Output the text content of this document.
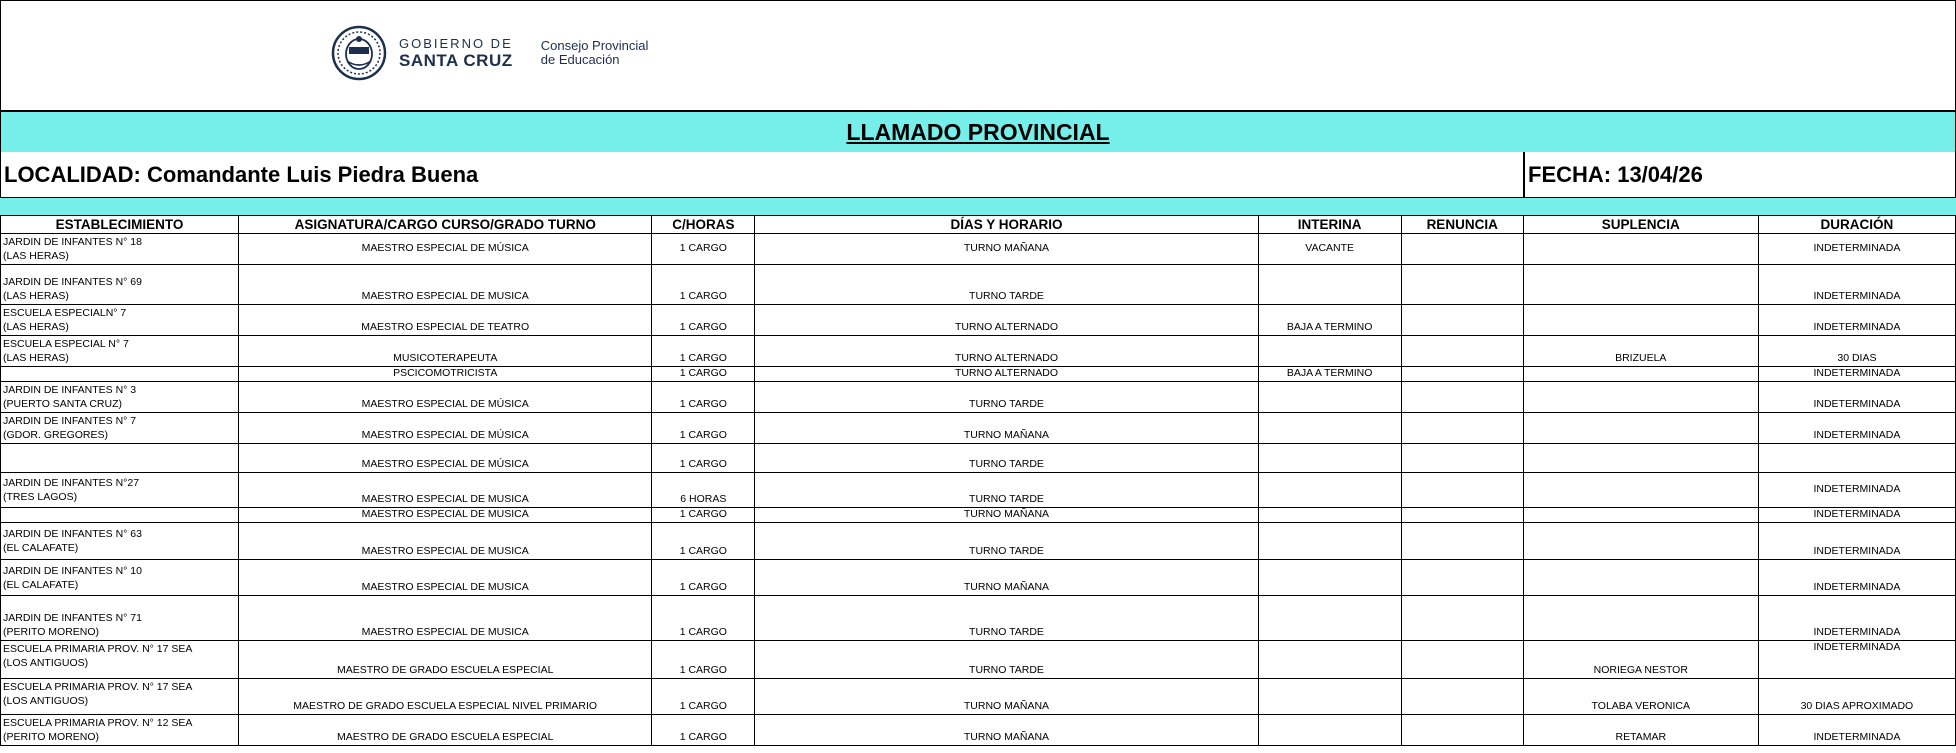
GOBIERNO DE
SANTA CRUZ
Consejo Provincial
de Educación
LLAMADO PROVINCIAL
LOCALIDAD: Comandante Luis Piedra Buena	FECHA: 13/04/26
ESTABLECIMIENTO	ASIGNATURA/CARGO CURSO/GRADO TURNO	C/HORAS	DÍAS Y HORARIO	INTERINA	RENUNCIA	SUPLENCIA	DURACIÓN
JARDIN DE INFANTES N° 18
(LAS HERAS)	MAESTRO ESPECIAL DE MÚSICA	1 CARGO	TURNO MAÑANA	VACANTE			INDETERMINADA
JARDIN DE INFANTES N° 69
(LAS HERAS)	MAESTRO ESPECIAL DE MUSICA	1 CARGO	TURNO TARDE				INDETERMINADA
ESCUELA ESPECIALN° 7
(LAS HERAS)	MAESTRO ESPECIAL DE TEATRO	1 CARGO	TURNO ALTERNADO	BAJA A TERMINO			INDETERMINADA
ESCUELA ESPECIAL N° 7
(LAS HERAS)	MUSICOTERAPEUTA	1 CARGO	TURNO ALTERNADO			BRIZUELA	30 DIAS
	PSCICOMOTRICISTA	1 CARGO	TURNO ALTERNADO	BAJA A TERMINO			INDETERMINADA
JARDIN DE INFANTES N° 3
(PUERTO SANTA CRUZ)	MAESTRO ESPECIAL DE MÚSICA	1 CARGO	TURNO TARDE				INDETERMINADA
JARDIN DE INFANTES N° 7
(GDOR. GREGORES)	MAESTRO ESPECIAL DE MÚSICA	1 CARGO	TURNO MAÑANA				INDETERMINADA
	MAESTRO ESPECIAL DE MÚSICA	1 CARGO	TURNO TARDE				
JARDIN DE INFANTES N°27
(TRES LAGOS)	MAESTRO ESPECIAL DE MUSICA	6 HORAS	TURNO TARDE				INDETERMINADA
	MAESTRO ESPECIAL DE MUSICA	1 CARGO	TURNO MAÑANA				INDETERMINADA
JARDIN DE INFANTES N° 63
(EL CALAFATE)	MAESTRO ESPECIAL DE MUSICA	1 CARGO	TURNO TARDE				INDETERMINADA
JARDIN DE INFANTES N° 10
(EL CALAFATE)	MAESTRO ESPECIAL DE MUSICA	1 CARGO	TURNO MAÑANA				INDETERMINADA
JARDIN DE INFANTES N° 71
(PERITO MORENO)	MAESTRO ESPECIAL DE MUSICA	1 CARGO	TURNO TARDE				INDETERMINADA
ESCUELA PRIMARIA PROV. N° 17 SEA
(LOS ANTIGUOS)	MAESTRO DE GRADO ESCUELA ESPECIAL	1 CARGO	TURNO TARDE			NORIEGA NESTOR	INDETERMINADA
ESCUELA PRIMARIA PROV. N° 17 SEA
(LOS ANTIGUOS)	MAESTRO DE GRADO ESCUELA ESPECIAL NIVEL PRIMARIO	1 CARGO	TURNO MAÑANA			TOLABA VERONICA	30 DIAS APROXIMADO
ESCUELA PRIMARIA PROV. N° 12 SEA
(PERITO MORENO)	MAESTRO DE GRADO ESCUELA ESPECIAL	1 CARGO	TURNO MAÑANA			RETAMAR	INDETERMINADA
